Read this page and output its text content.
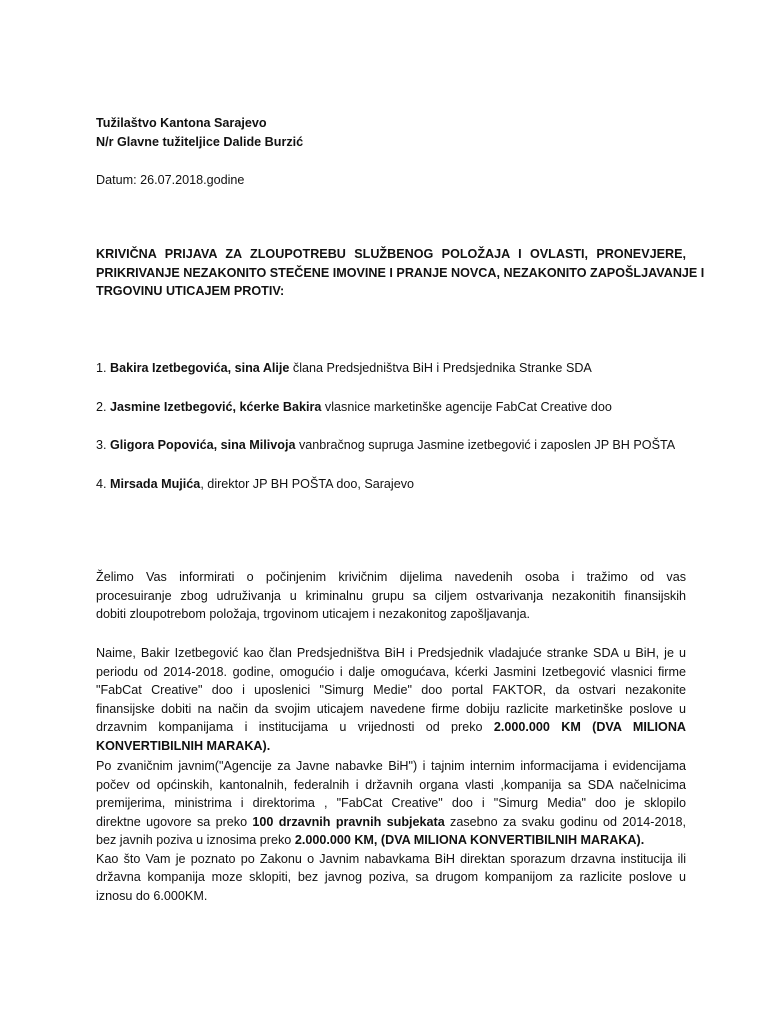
Tužilaštvo Kantona Sarajevo

N/r Glavne tužiteljice Dalide Burzić

Datum: 26.07.2018.godine

KRIVIČNA PRIJAVA ZA ZLOUPOTREBU SLUŽBENOG POLOŽAJA I OVLASTI, PRONEVJERE,

PRIKRIVANJE NEZAKONITO STEČENE IMOVINE I PRANJE NOVCA, NEZAKONITO ZAPOŠLJAVANJE I

TRGOVINU UTICAJEM PROTIV:

1. Bakira Izetbegovića, sina Alije člana Predsjedništva BiH i Predsjednika Stranke SDA

2. Jasmine Izetbegović, kćerke Bakira vlasnice marketinške agencije FabCat Creative doo

3. Gligora Popovića, sina Milivoja vanbračnog supruga Jasmine izetbegović i zaposlen JP BH POŠTA

4. Mirsada Mujića, direktor JP BH POŠTA doo, Sarajevo

Želimo Vas informirati o počinjenim krivičnim dijelima navedenih osoba i tražimo od vas

procesuiranje zbog udruživanja u kriminalnu grupu sa ciljem ostvarivanja nezakonitih finansijskih

dobiti zloupotrebom položaja, trgovinom uticajem i nezakonitog zapošljavanja.

Naime, Bakir Izetbegović kao član Predsjedništva BiH i Predsjednik vladajuće stranke SDA u BiH, je u

periodu od 2014-2018. godine, omogućio i dalje omogućava, kćerki Jasmini Izetbegović vlasnici firme

"FabCat Creative" doo i uposlenici "Simurg Medie" doo portal FAKTOR, da ostvari nezakonite

finansijske dobiti na način da svojim uticajem navedene firme dobiju razlicite marketinške poslove u

drzavnim kompanijama i institucijama u vrijednosti od preko 2.000.000 KM (DVA MILIONA

KONVERTIBILNIH MARAKA).

Po zvaničnim javnim("Agencije za Javne nabavke BiH") i tajnim internim informacijama i evidencijama

počev od općinskih, kantonalnih, federalnih i državnih organa vlasti ,kompanija sa SDA načelnicima

premijerima, ministrima i direktorima , "FabCat Creative" doo i "Simurg Media" doo je sklopilo

direktne ugovore sa preko 100 drzavnih pravnih subjekata zasebno za svaku godinu od 2014-2018,

bez javnih poziva u iznosima preko 2.000.000 KM, (DVA MILIONA KONVERTIBILNIH MARAKA).

Kao što Vam je poznato po Zakonu o Javnim nabavkama BiH direktan sporazum drzavna institucija ili

državna kompanija moze sklopiti, bez javnog poziva, sa drugom kompanijom za razlicite poslove u

iznosu do 6.000KM.
